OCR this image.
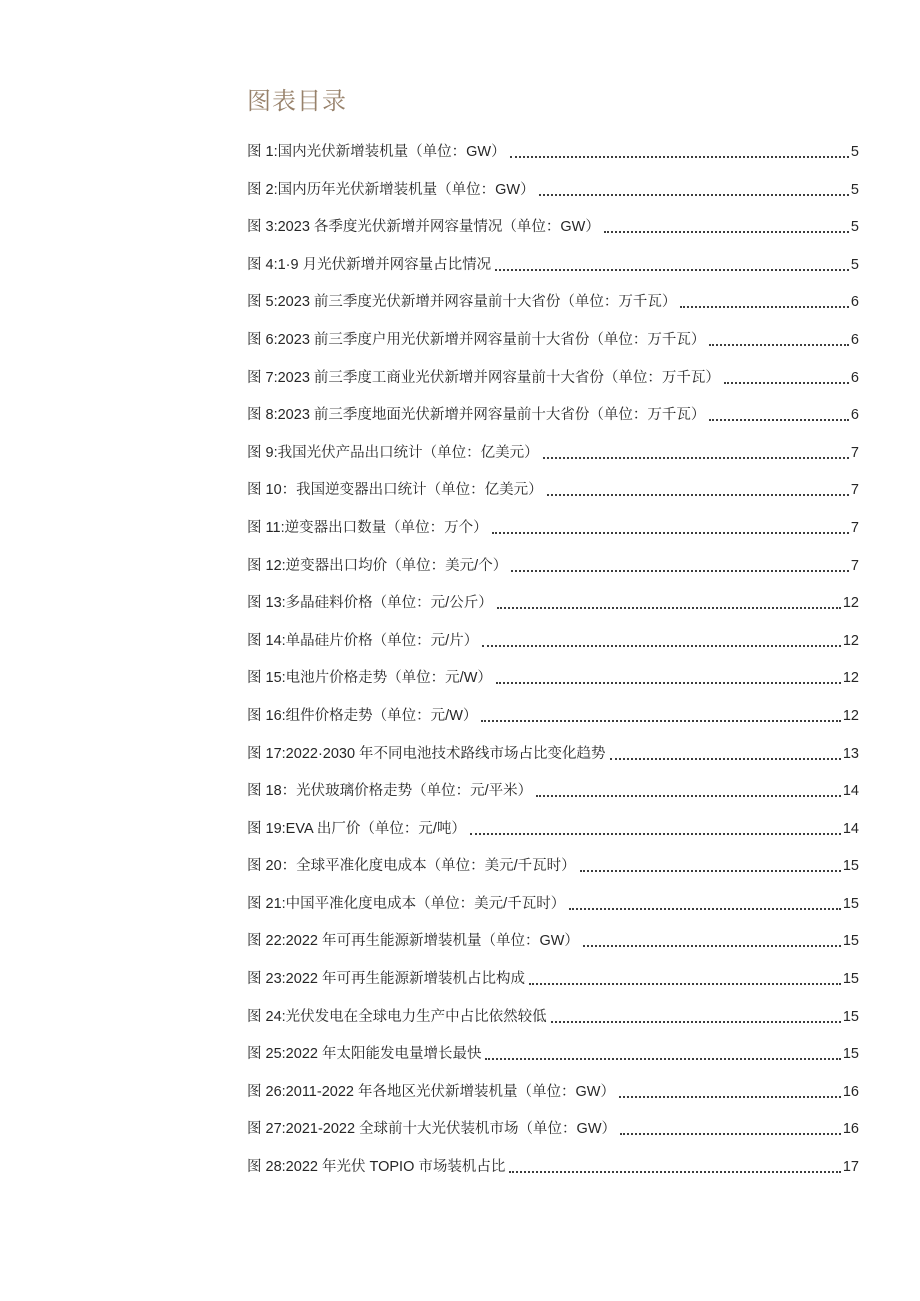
图表目录
图 1:国内光伏新增装机量（单位：GW）	5
图 2:国内历年光伏新增装机量（单位：GW）	5
图 3:2023 各季度光伏新增并网容量情况（单位：GW）	5
图 4:1·9 月光伏新增并网容量占比情况	5
图 5:2023 前三季度光伏新增并网容量前十大省份（单位：万千瓦）	6
图 6:2023 前三季度户用光伏新增并网容量前十大省份（单位：万千瓦）	6
图 7:2023 前三季度工商业光伏新增并网容量前十大省份（单位：万千瓦）	6
图 8:2023 前三季度地面光伏新增并网容量前十大省份（单位：万千瓦）	6
图 9:我国光伏产品出口统计（单位：亿美元）	7
图 10：我国逆变器出口统计（单位：亿美元）	7
图 11:逆变器出口数量（单位：万个）	7
图 12:逆变器出口均价（单位：美元/个）	7
图 13:多晶硅料价格（单位：元/公斤）	12
图 14:单晶硅片价格（单位：元/片）	12
图 15:电池片价格走势（单位：元/W）	12
图 16:组件价格走势（单位：元/W）	12
图 17:2022·2030 年不同电池技术路线市场占比变化趋势	13
图 18：光伏玻璃价格走势（单位：元/平米）	14
图 19:EVA 出厂价（单位：元/吨）	14
图 20：全球平准化度电成本（单位：美元/千瓦时）	15
图 21:中国平准化度电成本（单位：美元/千瓦时）	15
图 22:2022 年可再生能源新增装机量（单位：GW）	15
图 23:2022 年可再生能源新增装机占比构成	15
图 24:光伏发电在全球电力生产中占比依然较低	15
图 25:2022 年太阳能发电量增长最快	15
图 26:2011-2022 年各地区光伏新增装机量（单位：GW）	16
图 27:2021-2022 全球前十大光伏装机市场（单位：GW）	16
图 28:2022 年光伏 TOPIO 市场装机占比	17
